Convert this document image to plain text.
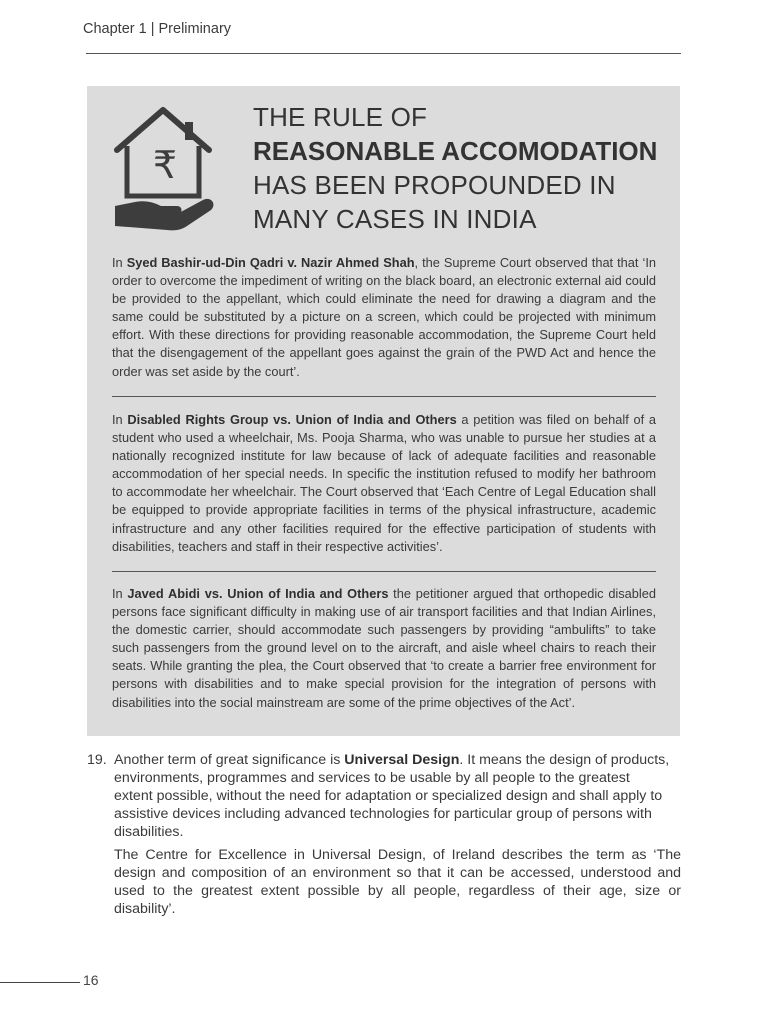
Chapter 1 | Preliminary
₹
THE RULE OF
REASONABLE ACCOMODATION
HAS BEEN PROPOUNDED IN
MANY CASES IN INDIA
In Syed Bashir-ud-Din Qadri v. Nazir Ahmed Shah, the Supreme Court observed that that ‘In order to overcome the impediment of writing on the black board, an electronic external aid could be provided to the appellant, which could eliminate the need for drawing a diagram and the same could be substituted by a picture on a screen, which could be projected with minimum effort. With these directions for providing reasonable accommodation, the Supreme Court held that the disengagement of the appellant goes against the grain of the PWD Act and hence the order was set aside by the court’.
In Disabled Rights Group vs. Union of India and Others a petition was filed on behalf of a student who used a wheelchair, Ms. Pooja Sharma, who was unable to pursue her studies at a nationally recognized institute for law because of lack of adequate facilities and reasonable accommodation of her special needs. In specific the institution refused to modify her bathroom to accommodate her wheelchair. The Court observed that ‘Each Centre of Legal Education shall be equipped to provide appropriate facilities in terms of the physical infrastructure, academic infrastructure and any other facilities required for the effective participation of students with disabilities, teachers and staff in their respective activities’.
In Javed Abidi vs. Union of India and Others the petitioner argued that orthopedic disabled persons face significant difficulty in making use of air transport facilities and that Indian Airlines, the domestic carrier, should accommodate such passengers by providing “ambulifts” to take such passengers from the ground level on to the aircraft, and aisle wheel chairs to reach their seats. While granting the plea, the Court observed that ‘to create a barrier free environment for persons with disabilities and to make special provision for the integration of persons with disabilities into the social mainstream are some of the prime objectives of the Act’.
19. Another term of great significance is Universal Design. It means the design of products,
environments, programmes and services to be usable by all people to the greatest
extent possible, without the need for adaptation or specialized design and shall apply to
assistive devices including advanced technologies for particular group of persons with
disabilities.
The Centre for Excellence in Universal Design, of Ireland describes the term as ‘The design and composition of an environment so that it can be accessed, understood and used to the greatest extent possible by all people, regardless of their age, size or disability’.
16
